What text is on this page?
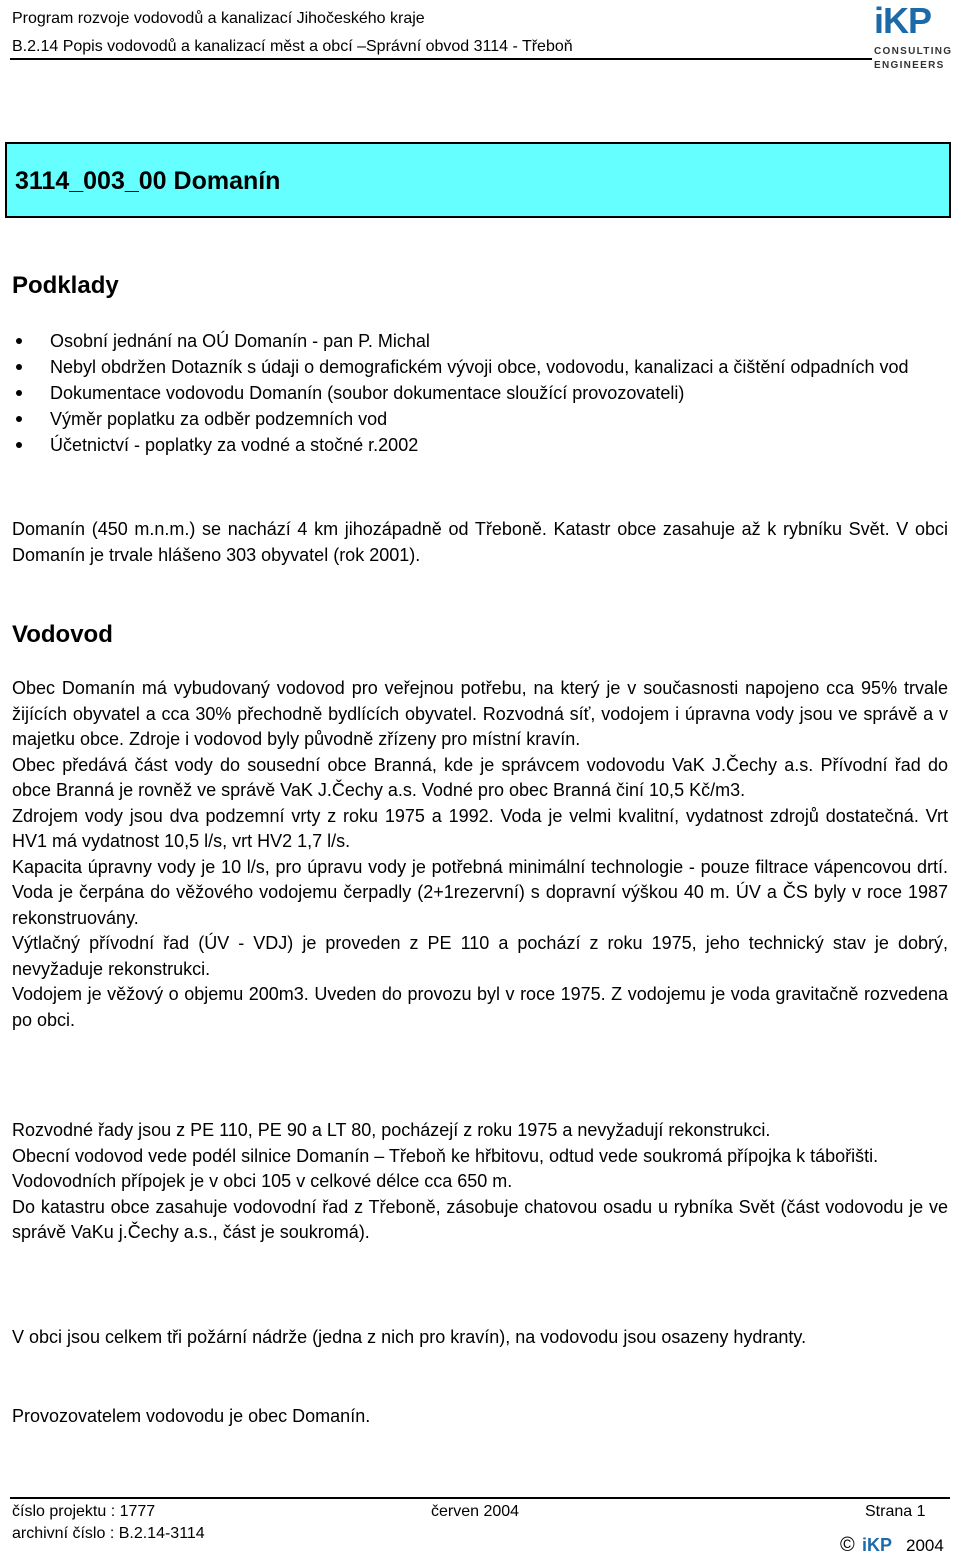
Program rozvoje vodovodů a kanalizací Jihočeského kraje
B.2.14 Popis vodovodů a kanalizací měst a obcí –Správní obvod 3114 - Třeboň
iKP
CONSULTING
ENGINEERS
3114_003_00 Domanín
Podklady
Osobní jednání na OÚ Domanín - pan P. Michal
Nebyl obdržen Dotazník s údaji o demografickém vývoji obce, vodovodu, kanalizaci a čištění odpadních vod
Dokumentace vodovodu Domanín (soubor dokumentace sloužící provozovateli)
Výměr poplatku za odběr podzemních vod
Účetnictví - poplatky za vodné a stočné r.2002

Domanín (450 m.n.m.) se nachází 4 km jihozápadně od Třeboně. Katastr obce zasahuje až k rybníku Svět. V obci Domanín je trvale hlášeno 303 obyvatel (rok 2001).

Vodovod

Obec Domanín má vybudovaný vodovod pro veřejnou potřebu, na který je v současnosti napojeno cca 95% trvale žijících obyvatel a cca 30% přechodně bydlících obyvatel. Rozvodná síť, vodojem i úpravna vody jsou ve správě a v majetku obce. Zdroje i vodovod byly původně zřízeny pro místní kravín.

Obec předává část vody do sousední obce Branná, kde je správcem vodovodu VaK J.Čechy a.s. Přívodní řad do obce Branná je rovněž ve správě VaK J.Čechy a.s. Vodné pro obec Branná činí 10,5 Kč/m3.

Zdrojem vody jsou dva podzemní vrty z roku 1975 a 1992. Voda je velmi kvalitní, vydatnost zdrojů dostatečná. Vrt HV1 má vydatnost 10,5 l/s, vrt HV2 1,7 l/s.

Kapacita úpravny vody je 10 l/s, pro úpravu vody je potřebná minimální technologie - pouze filtrace vápencovou drtí. Voda je čerpána do věžového vodojemu čerpadly (2+1rezervní) s dopravní výškou 40 m. ÚV a ČS byly v roce 1987 rekonstruovány.

Výtlačný přívodní řad (ÚV - VDJ) je proveden z PE 110 a pochází z roku 1975, jeho technický stav je dobrý, nevyžaduje rekonstrukci.

Vodojem je věžový o objemu 200m3. Uveden do provozu byl v roce 1975. Z vodojemu je voda gravitačně rozvedena po obci.

Rozvodné řady jsou z PE 110, PE 90 a LT 80, pocházejí z roku 1975 a nevyžadují rekonstrukci.

Obecní vodovod vede podél silnice Domanín – Třeboň ke hřbitovu, odtud vede soukromá přípojka k tábořišti.

Vodovodních přípojek je v obci 105 v celkové délce cca 650 m.

Do katastru obce zasahuje vodovodní řad z Třeboně, zásobuje chatovou osadu u rybníka Svět (část vodovodu je ve správě VaKu j.Čechy a.s., část je soukromá).

V obci jsou celkem tři požární nádrže (jedna z nich pro kravín), na vodovodu jsou osazeny hydranty.

Provozovatelem vodovodu je obec Domanín.

číslo projektu : 1777
archivní číslo : B.2.14-3114
červen 2004	Strana 1
© iKP 2004
